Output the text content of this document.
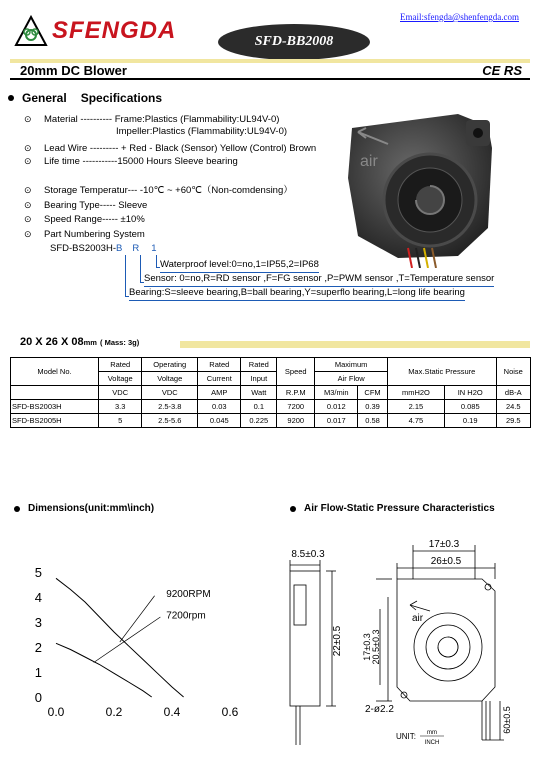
SFENGDA	Email:sfengda@shenfengda.com
SFD-BB2008
20mm DC Blower	CE RS
General Specifications
⊙ Material ---------- Frame:Plastics (Flammability:UL94V-0)
Impeller:Plastics (Flammability:UL94V-0)
⊙ Lead Wire --------- + Red - Black (Sensor) Yellow (Control) Brown
⊙ Life time -----------15000 Hours Sleeve bearing
⊙ Storage Temperatur--- -10℃ ~ +60℃（Non-comdensing）
⊙ Bearing Type----- Sleeve
⊙ Speed Range----- ±10%
⊙ Part Numbering System
SFD-BS2003H-B R 1
Waterproof level:0=no,1=IP55,2=IP68
Sensor: 0=no,R=RD sensor ,F=FG sensor ,P=PWM sensor ,T=Temperature sensor
Bearing:S=sleeve bearing,B=ball bearing,Y=superflo bearing,L=long life bearing
air
20 X 26 X 08mm ( Mass: 3g)
Model No.	Rated	Operating	Rated	Rated	Speed	Maximum		Max.Static Pressure		Noise
	Voltage	Voltage	Current	Input		Air Flow				
	VDC	VDC	AMP	Watt	R.P.M	M3/min	CFM	mmH2O	IN H2O	dB-A
SFD-BS2003H	3.3	2.5-3.8	0.03	0.1	7200	0.012	0.39	2.15	0.085	24.5
SFD-BS2005H	5	2.5-5.6	0.045	0.225	9200	0.017	0.58	4.75	0.19	29.5
Dimensions(unit:mm\inch)	Air Flow-Static Pressure Characteristics
0
1
2
3
4
5
0.0	0.2	0.4	0.6
9200RPM
7200rpm
8.5±0.3
22±0.5
17±0.3
26±0.5
17±0.3 20.5±0.3
air
60±0.5
2-ø2.2
UNIT: mm
INCH
